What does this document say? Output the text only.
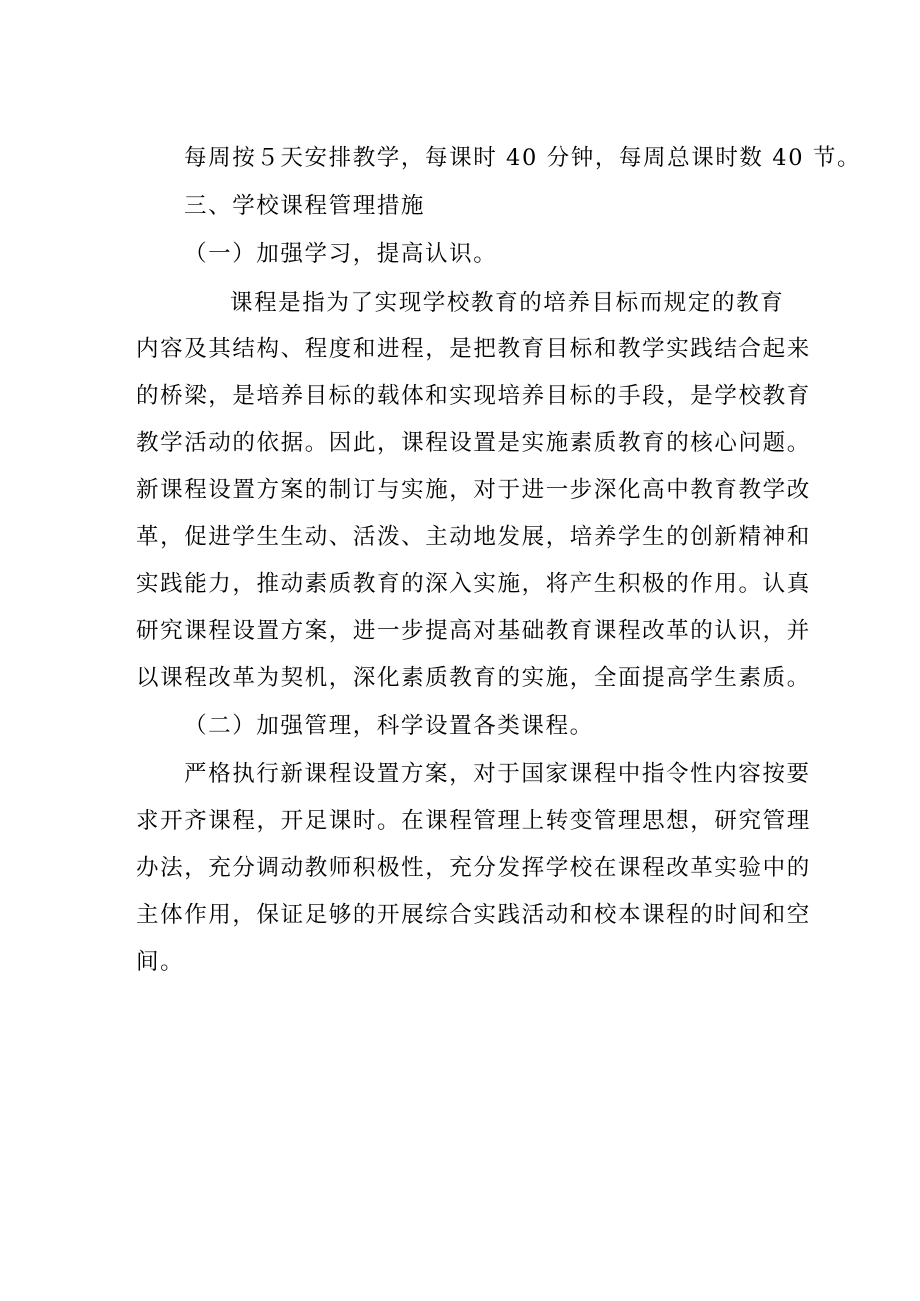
每周按５天安排教学，每课时 40 分钟，每周总课时数 40 节。
三、学校课程管理措施
（一）加强学习，提高认识。
课程是指为了实现学校教育的培养目标而规定的教育
内容及其结构、程度和进程，是把教育目标和教学实践结合起来
的桥梁，是培养目标的载体和实现培养目标的手段，是学校教育
教学活动的依据。因此，课程设置是实施素质教育的核心问题。
新课程设置方案的制订与实施，对于进一步深化高中教育教学改
革，促进学生生动、活泼、主动地发展，培养学生的创新精神和
实践能力，推动素质教育的深入实施，将产生积极的作用。认真
研究课程设置方案，进一步提高对基础教育课程改革的认识，并
以课程改革为契机，深化素质教育的实施，全面提高学生素质。
（二）加强管理，科学设置各类课程。
严格执行新课程设置方案，对于国家课程中指令性内容按要
求开齐课程，开足课时。在课程管理上转变管理思想，研究管理
办法，充分调动教师积极性，充分发挥学校在课程改革实验中的
主体作用，保证足够的开展综合实践活动和校本课程的时间和空
间。
